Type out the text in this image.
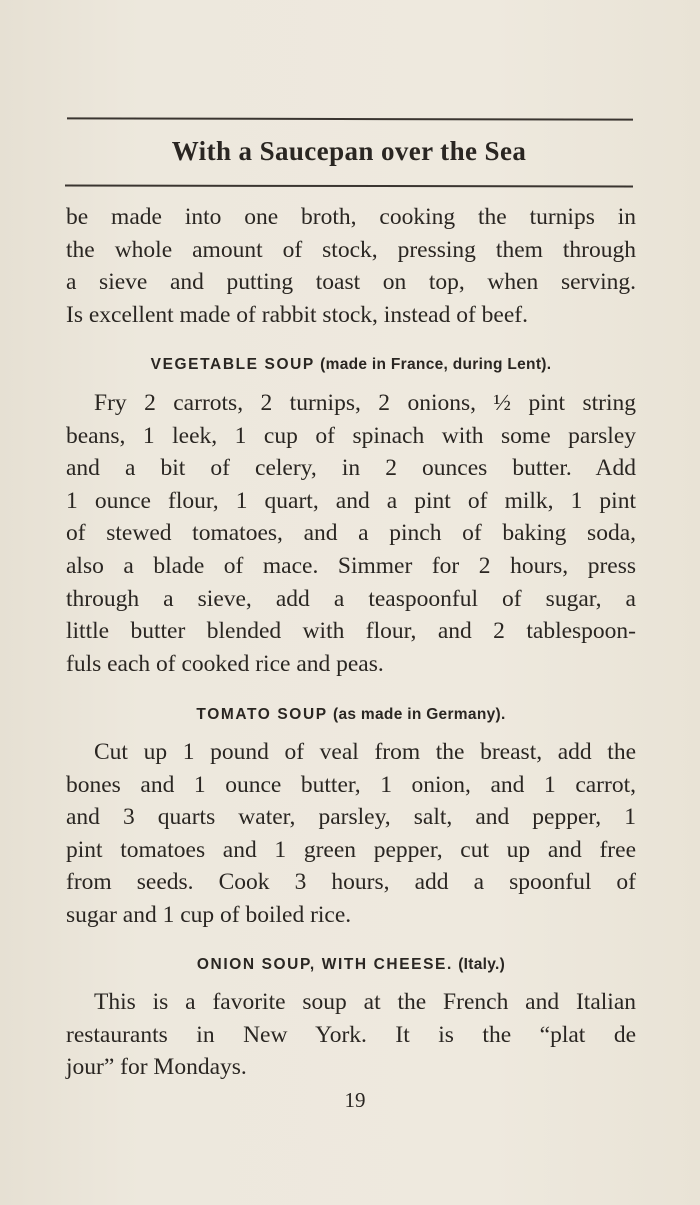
With a Saucepan over the Sea

be made into one broth, cooking the turnips in
the whole amount of stock, pressing them through
a sieve and putting toast on top, when serving.
Is excellent made of rabbit stock, instead of beef.

VEGETABLE SOUP (made in France, during Lent).

Fry 2 carrots, 2 turnips, 2 onions, ½ pint string
beans, 1 leek, 1 cup of spinach with some parsley
and a bit of celery, in 2 ounces butter. Add
1 ounce flour, 1 quart, and a pint of milk, 1 pint
of stewed tomatoes, and a pinch of baking soda,
also a blade of mace. Simmer for 2 hours, press
through a sieve, add a teaspoonful of sugar, a
little butter blended with flour, and 2 tablespoon-
fuls each of cooked rice and peas.

TOMATO SOUP (as made in Germany).

Cut up 1 pound of veal from the breast, add the
bones and 1 ounce butter, 1 onion, and 1 carrot,
and 3 quarts water, parsley, salt, and pepper, 1
pint tomatoes and 1 green pepper, cut up and free
from seeds. Cook 3 hours, add a spoonful of
sugar and 1 cup of boiled rice.

ONION SOUP, WITH CHEESE. (Italy.)

This is a favorite soup at the French and Italian
restaurants in New York. It is the “plat de
jour” for Mondays.

19
